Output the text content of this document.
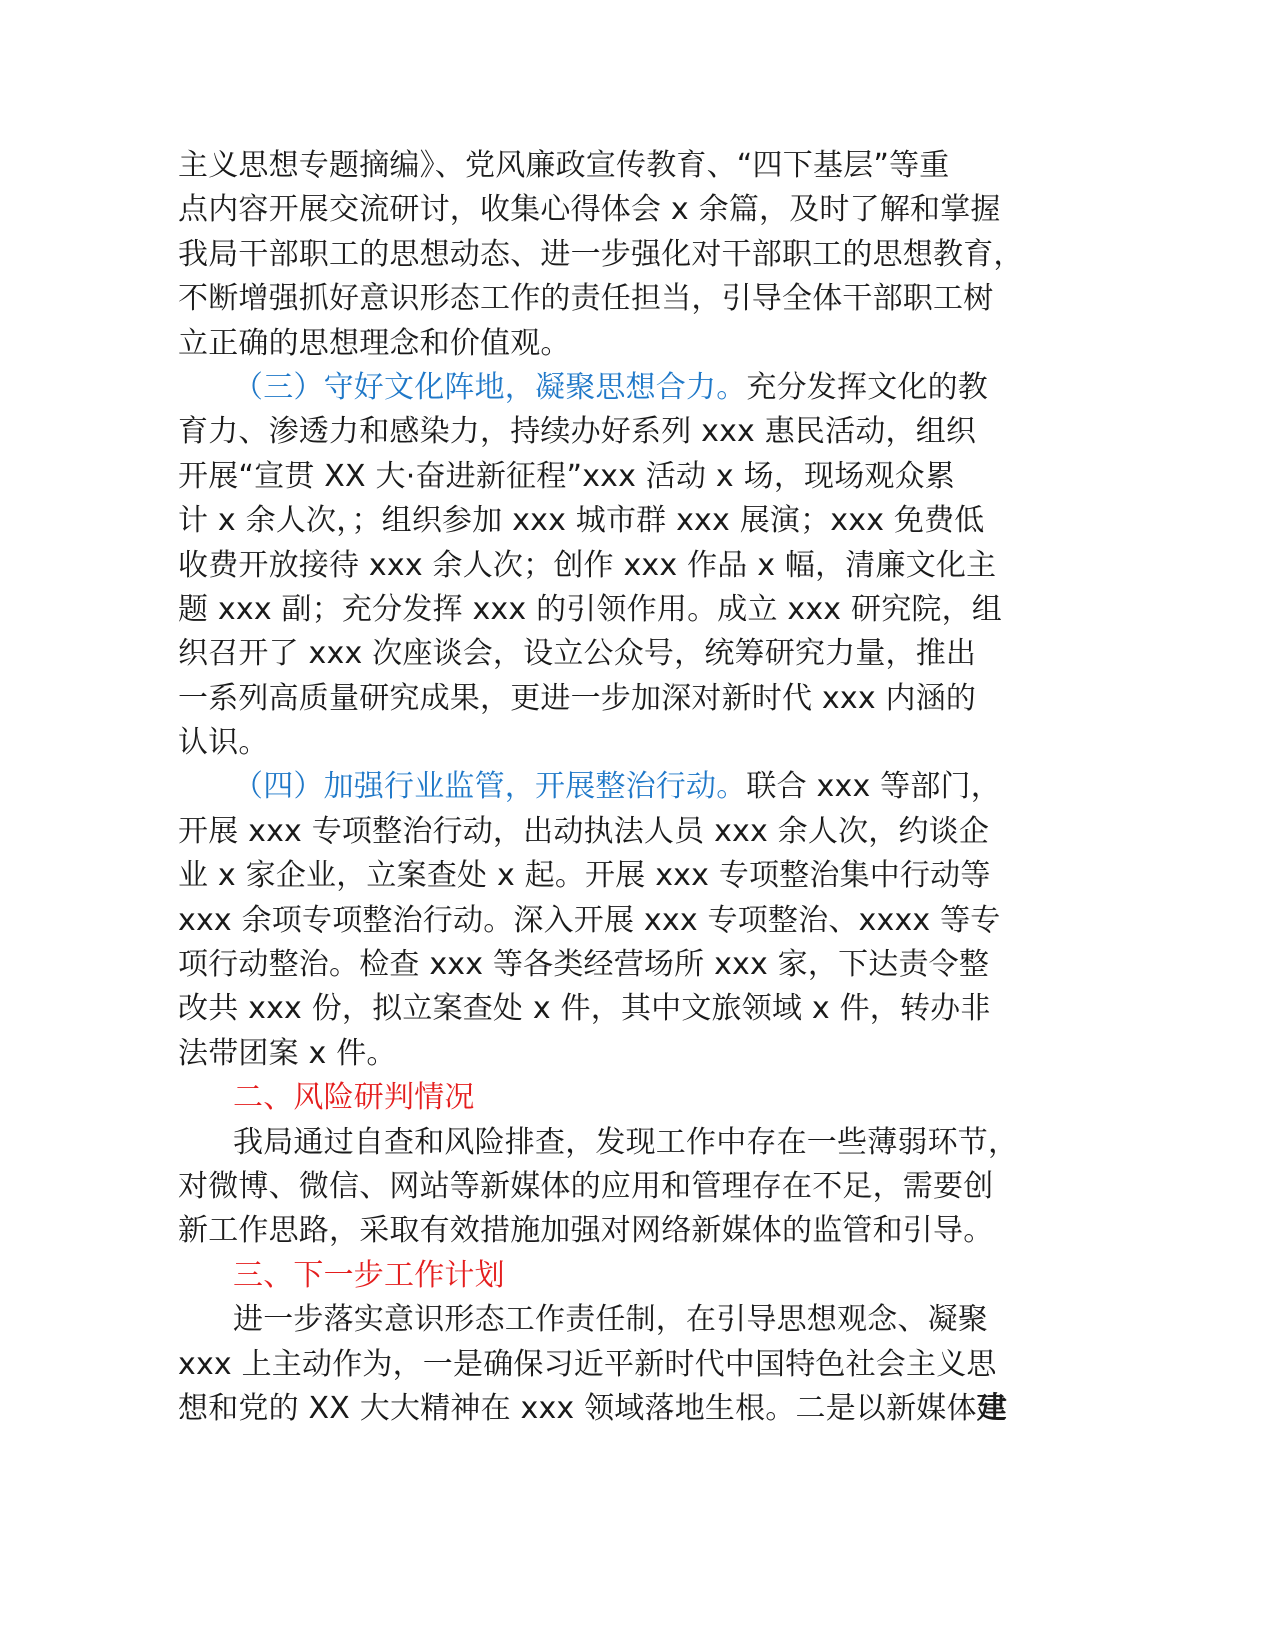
主义思想专题摘编》、党风廉政宣传教育、“四下基层”等重
点内容开展交流研讨，收集心得体会 x 余篇，及时了解和掌握
我局干部职工的思想动态、进一步强化对干部职工的思想教育，
不断增强抓好意识形态工作的责任担当，引导全体干部职工树
立正确的思想理念和价值观。
（三）守好文化阵地，凝聚思想合力。充分发挥文化的教
育力、渗透力和感染力，持续办好系列 xxx 惠民活动，组织
开展“宣贯 XX 大·奋进新征程”xxx 活动 x 场，现场观众累
计 x 余人次，；组织参加 xxx 城市群 xxx 展演；xxx 免费低
收费开放接待 xxx 余人次；创作 xxx 作品 x 幅，清廉文化主
题 xxx 副；充分发挥 xxx 的引领作用。成立 xxx 研究院，组
织召开了 xxx 次座谈会，设立公众号，统筹研究力量，推出
一系列高质量研究成果，更进一步加深对新时代 xxx 内涵的
认识。
（四）加强行业监管，开展整治行动。联合 xxx 等部门，
开展 xxx 专项整治行动，出动执法人员 xxx 余人次，约谈企
业 x 家企业，立案查处 x 起。开展 xxx 专项整治集中行动等
xxx 余项专项整治行动。深入开展 xxx 专项整治、xxxx 等专
项行动整治。检查 xxx 等各类经营场所 xxx 家，下达责令整
改共 xxx 份，拟立案查处 x 件，其中文旅领域 x 件，转办非
法带团案 x 件。
二、风险研判情况
我局通过自查和风险排查，发现工作中存在一些薄弱环节，
对微博、微信、网站等新媒体的应用和管理存在不足，需要创
新工作思路，采取有效措施加强对网络新媒体的监管和引导。
三、下一步工作计划
进一步落实意识形态工作责任制，在引导思想观念、凝聚
xxx 上主动作为，一是确保习近平新时代中国特色社会主义思
想和党的 XX 大大精神在 xxx 领域落地生根。二是以新媒体建
